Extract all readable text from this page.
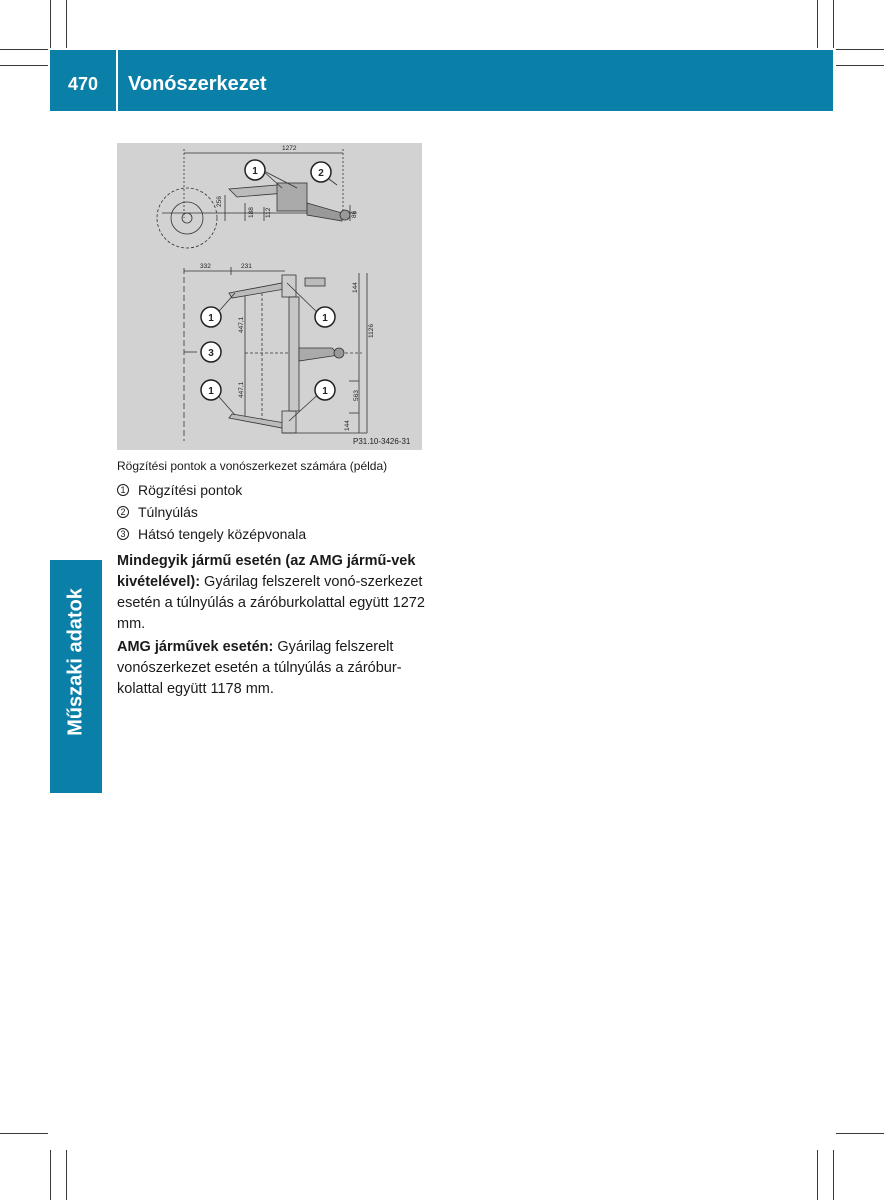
470	Vonószerkezet
Műszaki adatok
1272
256
188 112	86
332	231
144
447,1
447,1
1126
563
144
P31.10-3426-31
1	2
1	1
3
1	1

Rögzítési pontok a vonószerkezet számára (példa)

1 Rögzítési pontok
2 Túlnyúlás
3 Hátsó tengely középvonala

Mindegyik jármű esetén (az AMG jármű-vek kivételével): Gyárilag felszerelt vonó-szerkezet esetén a túlnyúlás a záróburkolattal együtt 1272 mm.

AMG járművek esetén: Gyárilag felszerelt vonószerkezet esetén a túlnyúlás a záróbur-kolattal együtt 1178 mm.
